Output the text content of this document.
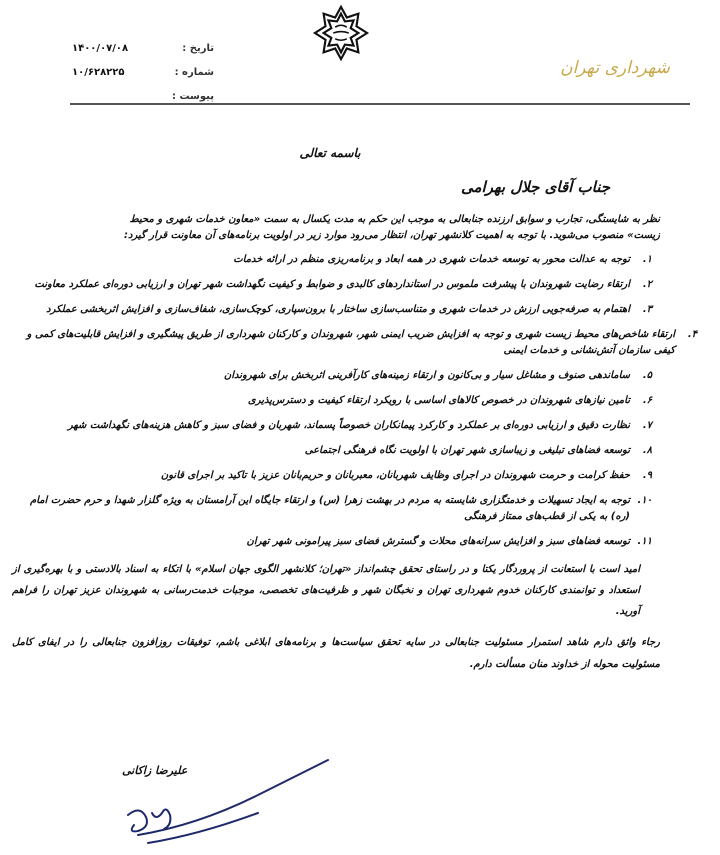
۱۴۰۰/۰۷/۰۸	تاریخ :
۱۰/۶۲۸۲۲۵	شماره :
پیوست :
شهرداری تهران
باسمه تعالی
جناب آقای جلال بهرامی

نظر به شایستگی، تجارب و سوابق ارزنده جنابعالی به موجب این حکم به مدت یکسال به سمت «معاون خدمات شهری و محیط زیست» منصوب می‌شوید. با توجه به اهمیت کلانشهر تهران، انتظار می‌رود موارد زیر در اولویت برنامه‌های آن معاونت قرار گیرد:

۱.
توجه به عدالت محور به توسعه خدمات شهری در همه ابعاد و برنامه‌ریزی منظم در ارائه خدمات
۲.
ارتقاء رضایت شهروندان با پیشرفت ملموس در استانداردهای کالبدی و ضوابط و کیفیت نگهداشت شهر تهران و ارزیابی دوره‌ای عملکرد معاونت
۳.
اهتمام به صرفه‌جویی ارزش در خدمات شهری و متناسب‌سازی ساختار با برون‌سپاری، کوچک‌سازی، شفاف‌سازی و افزایش اثربخشی عملکرد
۴.
ارتقاء شاخص‌های محیط زیست شهری و توجه به افزایش ضریب ایمنی شهر، شهروندان و کارکنان شهرداری از طریق پیشگیری و افزایش قابلیت‌های کمی و کیفی سازمان آتش‌نشانی و خدمات ایمنی
۵.
ساماندهی صنوف و مشاغل سیار و بی‌کانون و ارتقاء زمینه‌های کارآفرینی اثربخش برای شهروندان
۶.
تامین نیازهای شهروندان در خصوص کالاهای اساسی با رویکرد ارتقاء کیفیت و دسترس‌پذیری
۷.
نظارت دقیق و ارزیابی دوره‌ای بر عملکرد و کارکرد پیمانکاران خصوصاً پسماند، شهربان و فضای سبز و کاهش هزینه‌های نگهداشت شهر
۸.
توسعه فضاهای تبلیغی و زیباسازی شهر تهران با اولویت نگاه فرهنگی اجتماعی
۹.
حفظ کرامت و حرمت شهروندان در اجرای وظایف شهربانان، معبربانان و حریم‌بانان عزیز با تاکید بر اجرای قانون
۱۰.
توجه به ایجاد تسهیلات و خدمتگزاری شایسته به مردم در بهشت زهرا (س) و ارتقاء جایگاه این آرامستان به ویژه گلزار شهدا و حرم حضرت امام (ره) به یکی از قطب‌های ممتاز فرهنگی
۱۱.
توسعه فضاهای سبز و افزایش سرانه‌های محلات و گسترش فضای سبز پیرامونی شهر تهران

امید است با استعانت از پروردگار یکتا و در راستای تحقق چشم‌انداز «تهران؛ کلانشهر الگوی جهان اسلام» با اتکاء به اسناد بالادستی و با بهره‌گیری از استعداد و توانمندی کارکنان خدوم شهرداری تهران و نخبگان شهر و ظرفیت‌های تخصصی، موجبات خدمت‌رسانی به شهروندان عزیز تهران را فراهم آورید.

رجاء واثق دارم شاهد استمرار مسئولیت جنابعالی در سایه تحقق سیاست‌ها و برنامه‌های ابلاغی باشم، توفیقات روزافزون جنابعالی را در ایفای کامل مسئولیت محوله از خداوند منان مسألت دارم.

علیرضا زاکانی
